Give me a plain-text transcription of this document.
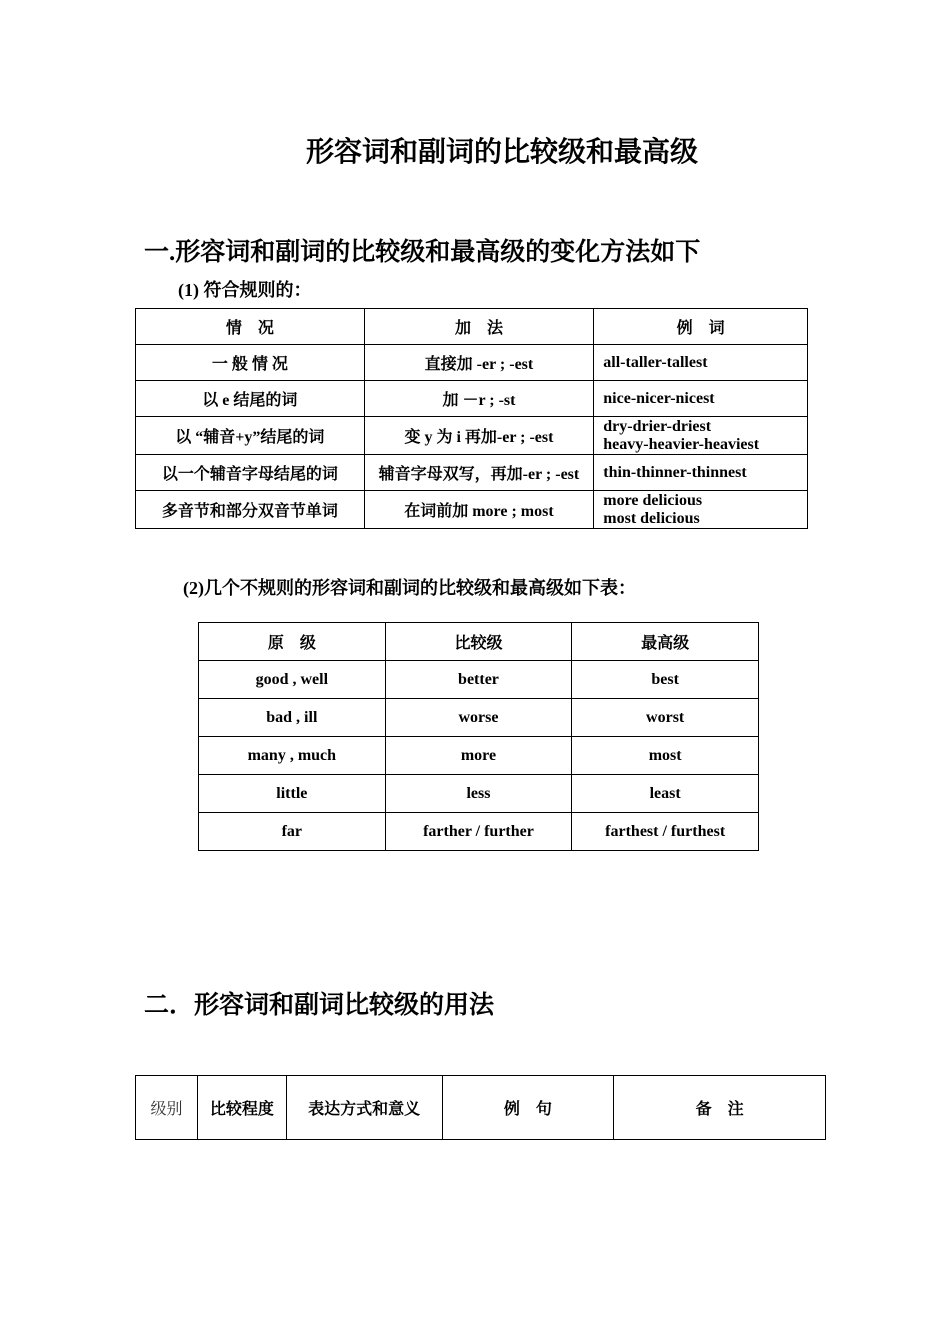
形容词和副词的比较级和最高级
一.形容词和副词的比较级和最高级的变化方法如下
(1) 符合规则的：
情　况	加　法	例　词
一 般 情 况	直接加 -er ; -est	all-taller-tallest

以 e 结尾的词	加 －r ; -st	nice-nicer-nicest

以 “辅音+y”结尾的词	变 y 为 i 再加-er ; -est	dry-drier-driest
heavy-heavier-heaviest

以一个辅音字母结尾的词	辅音字母双写，再加-er ; -est	thin-thinner-thinnest

多音节和部分双音节单词	在词前加 more ; most	more delicious
most delicious
(2)几个不规则的形容词和副词的比较级和最高级如下表：
原　级	比较级	最高级
good , well	better	best
bad , ill	worse	worst
many , much	more	most
little	less	least
far	farther / further	farthest / furthest
二．形容词和副词比较级的用法
级别	比较程度	表达方式和意义	例　句	备　注
